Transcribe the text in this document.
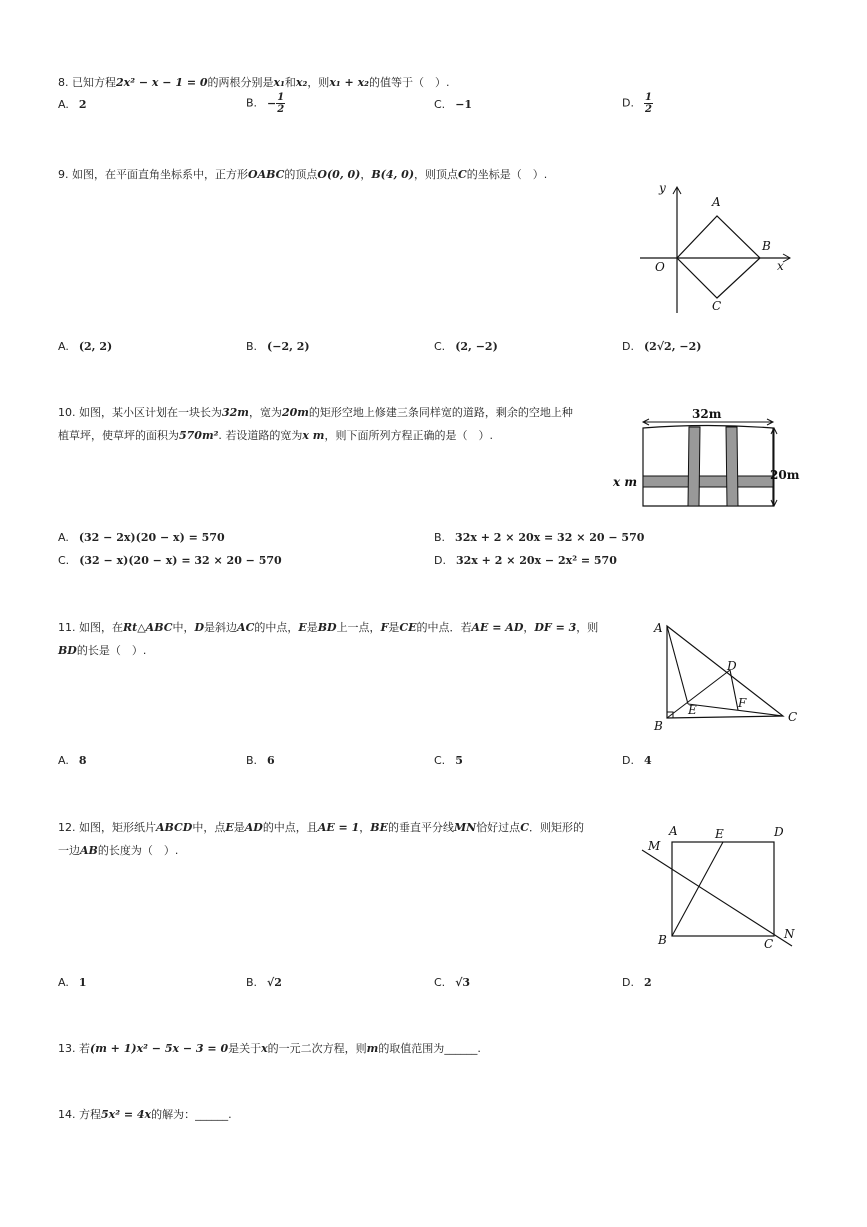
8. 已知方程2x² − x − 1 = 0的两根分别是x₁和x₂，则x₁ + x₂的值等于（　）.
A. 2	B. − $\frac{1}{2}$	C. −1	D. $\frac{1}{2}$
9. 如图，在平面直角坐标系中，正方形OABC的顶点O(0, 0)，B(4, 0)，则顶点C的坐标是（　）.
y
x
O
A
B
C
A. (2, 2)	B. (−2, 2)	C. (2, −2)	D. (2√2, −2)
10. 如图，某小区计划在一块长为32m，宽为20m的矩形空地上修建三条同样宽的道路，剩余的空地上种
植草坪，使草坪的面积为570m². 若设道路的宽为x m，则下面所列方程正确的是（　）.
32m
20m
x m
A. (32 − 2x)(20 − x) = 570	B. 32x + 2 × 20x = 32 × 20 − 570
C. (32 − x)(20 − x) = 32 × 20 − 570	D. 32x + 2 × 20x − 2x² = 570
11. 如图，在Rt△ABC中，D是斜边AC的中点，E是BD上一点，F是CE的中点．若AE = AD，DF = 3，则
BD的长是（　）.
A
B
C
D
E	F
A. 8	B. 6	C. 5	D. 4
12. 如图，矩形纸片ABCD中，点E是AD的中点，且AE = 1，BE的垂直平分线MN恰好过点C．则矩形的
一边AB的长度为（　）.
A
B	C
D
E
M
N
A. 1	B. √2	C. √3	D. 2
13. 若(m + 1)x² − 5x − 3 = 0是关于x的一元二次方程，则m的取值范围为______.
14. 方程5x² = 4x的解为：______.
